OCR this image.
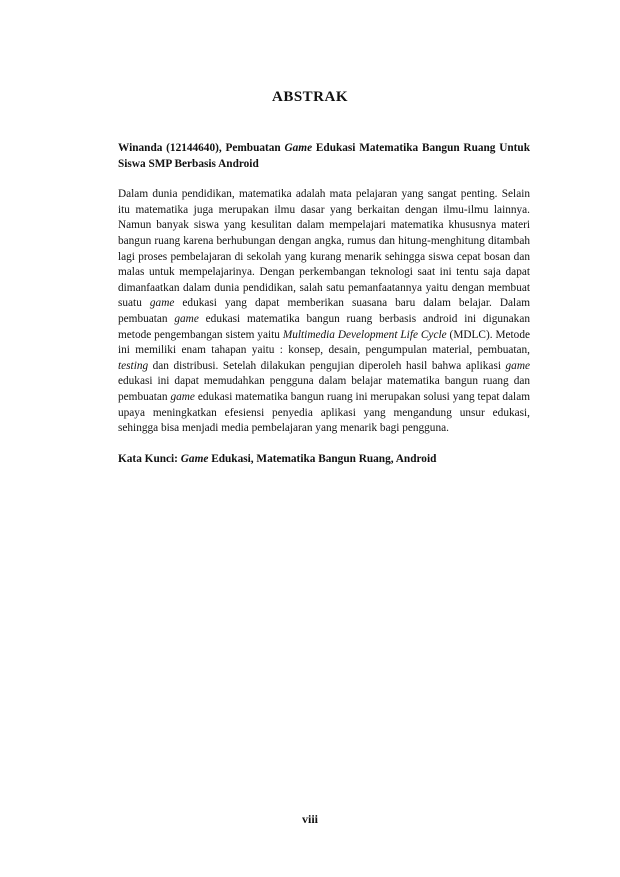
ABSTRAK

Winanda (12144640), Pembuatan Game Edukasi Matematika Bangun Ruang Untuk Siswa SMP Berbasis Android

Dalam dunia pendidikan, matematika adalah mata pelajaran yang sangat penting. Selain itu matematika juga merupakan ilmu dasar yang berkaitan dengan ilmu-ilmu lainnya. Namun banyak siswa yang kesulitan dalam mempelajari matematika khususnya materi bangun ruang karena berhubungan dengan angka, rumus dan hitung-menghitung ditambah lagi proses pembelajaran di sekolah yang kurang menarik sehingga siswa cepat bosan dan malas untuk mempelajarinya. Dengan perkembangan teknologi saat ini tentu saja dapat dimanfaatkan dalam dunia pendidikan, salah satu pemanfaatannya yaitu dengan membuat suatu game edukasi yang dapat memberikan suasana baru dalam belajar. Dalam pembuatan game edukasi matematika bangun ruang berbasis android ini digunakan metode pengembangan sistem yaitu Multimedia Development Life Cycle (MDLC). Metode ini memiliki enam tahapan yaitu : konsep, desain, pengumpulan material, pembuatan, testing dan distribusi. Setelah dilakukan pengujian diperoleh hasil bahwa aplikasi game edukasi ini dapat memudahkan pengguna dalam belajar matematika bangun ruang dan pembuatan game edukasi matematika bangun ruang ini merupakan solusi yang tepat dalam upaya meningkatkan efesiensi penyedia aplikasi yang mengandung unsur edukasi, sehingga bisa menjadi media pembelajaran yang menarik bagi pengguna.

Kata Kunci: Game Edukasi, Matematika Bangun Ruang, Android

viii
